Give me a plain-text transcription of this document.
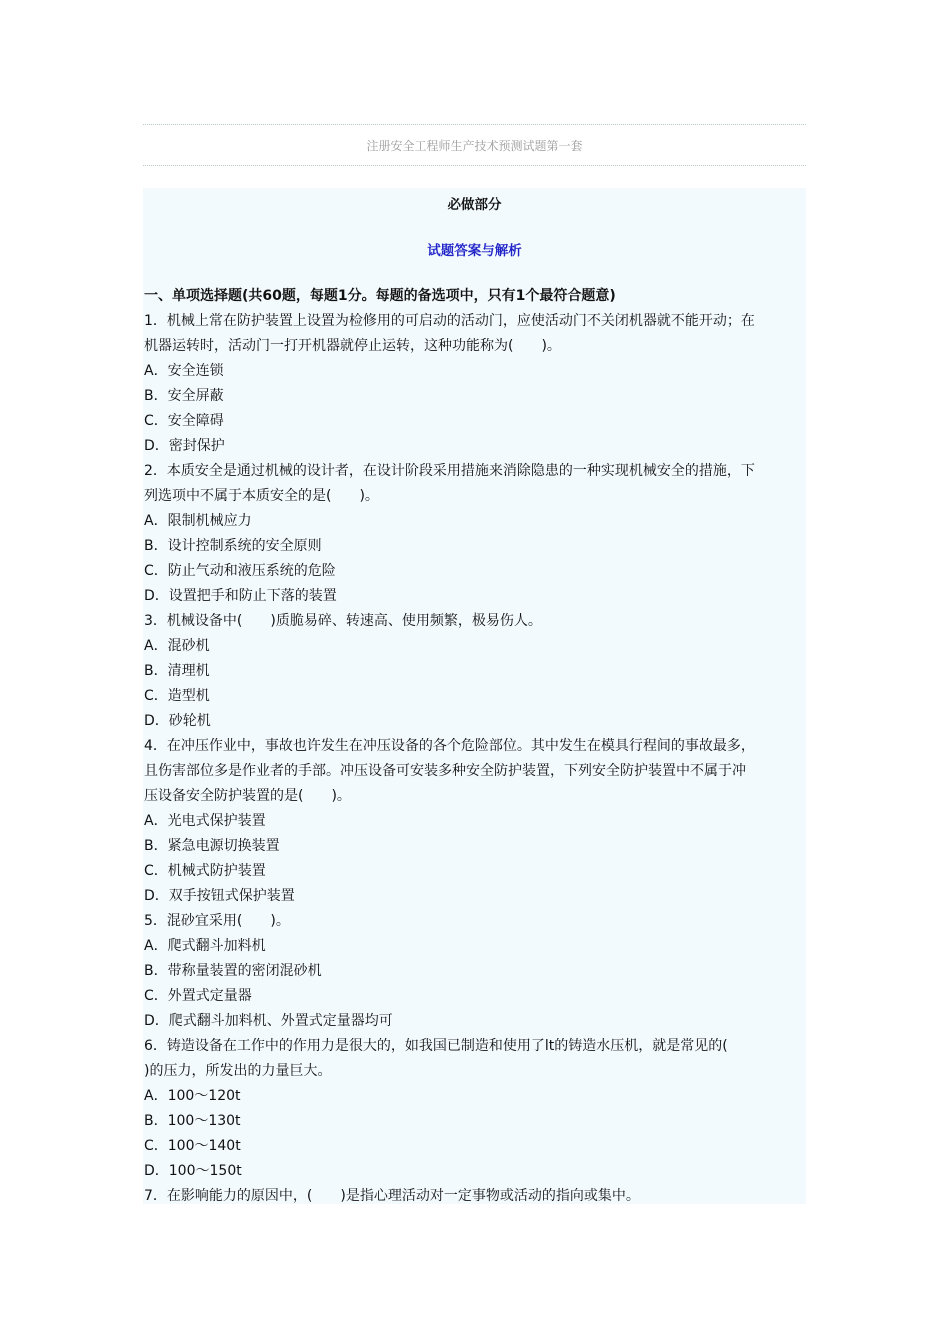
注册安全工程师生产技术预测试题第一套
必做部分
试题答案与解析
一、单项选择题(共60题，每题1分。每题的备选项中，只有1个最符合题意)
1．机械上常在防护装置上设置为检修用的可启动的活动门，应使活动门不关闭机器就不能开动；在
机器运转时，活动门一打开机器就停止运转，这种功能称为(　　)。
A．安全连锁
B．安全屏蔽
C．安全障碍
D．密封保护
2．本质安全是通过机械的设计者，在设计阶段采用措施来消除隐患的一种实现机械安全的措施，下
列选项中不属于本质安全的是(　　)。
A．限制机械应力
B．设计控制系统的安全原则
C．防止气动和液压系统的危险
D．设置把手和防止下落的装置
3．机械设备中(　　)质脆易碎、转速高、使用频繁，极易伤人。
A．混砂机
B．清理机
C．造型机
D．砂轮机
4．在冲压作业中，事故也许发生在冲压设备的各个危险部位。其中发生在模具行程间的事故最多，
且伤害部位多是作业者的手部。冲压设备可安装多种安全防护装置，下列安全防护装置中不属于冲
压设备安全防护装置的是(　　)。
A．光电式保护装置
B．紧急电源切换装置
C．机械式防护装置
D．双手按钮式保护装置
5．混砂宜采用(　　)。
A．爬式翻斗加料机
B．带称量装置的密闭混砂机
C．外置式定量器
D．爬式翻斗加料机、外置式定量器均可
6．铸造设备在工作中的作用力是很大的，如我国已制造和使用了lt的铸造水压机，就是常见的(
)的压力，所发出的力量巨大。
A．100～120t
B．100～130t
C．100～140t
D．100～150t
7．在影响能力的原因中，(　　)是指心理活动对一定事物或活动的指向或集中。
